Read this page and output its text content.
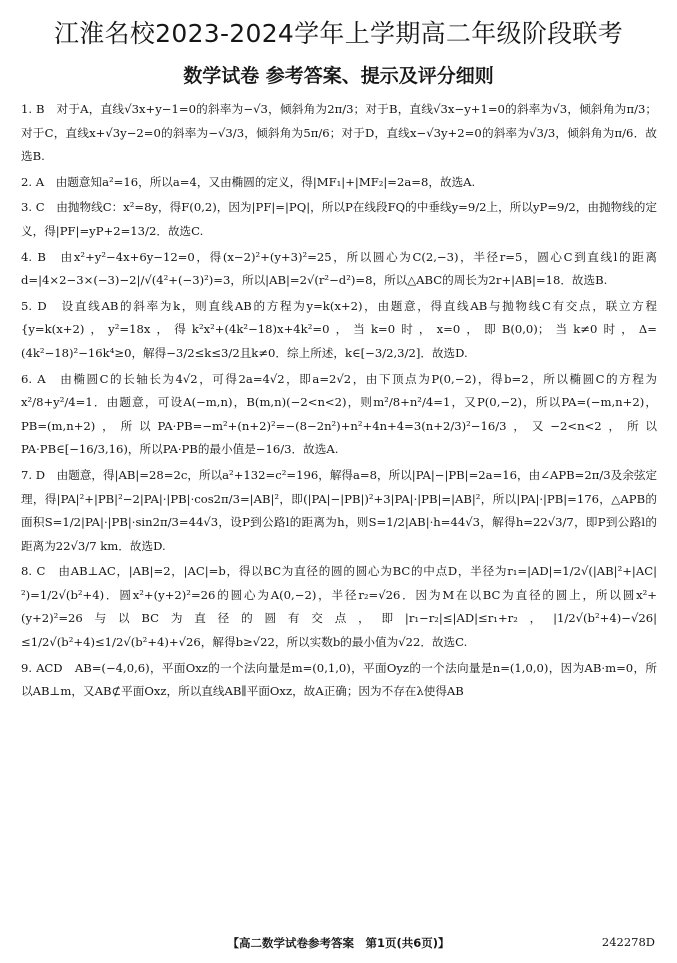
江淮名校2023-2024学年上学期高二年级阶段联考
数学试卷 参考答案、提示及评分细则

1. B　对于A，直线√3x+y−1=0的斜率为−√3，倾斜角为2π/3；对于B，直线√3x−y+1=0的斜率为√3，倾斜角为π/3；对于C，直线x+√3y−2=0的斜率为−√3/3，倾斜角为5π/6；对于D，直线x−√3y+2=0的斜率为√3/3，倾斜角为π/6．故选B.

2. A　由题意知a²=16，所以a=4，又由椭圆的定义，得|MF₁|+|MF₂|=2a=8，故选A.

3. C　由抛物线C：x²=8y，得F(0,2)，因为|PF|=|PQ|，所以P在线段FQ的中垂线y=9/2上，所以yP=9/2，由抛物线的定义，得|PF|=yP+2=13/2．故选C.

4. B　由x²+y²−4x+6y−12=0，得(x−2)²+(y+3)²=25，所以圆心为C(2,−3)，半径r=5，圆心C到直线l的距离d=|4×2−3×(−3)−2|/√(4²+(−3)²)=3，所以|AB|=2√(r²−d²)=8，所以△ABC的周长为2r+|AB|=18．故选B.

5. D　设直线AB的斜率为k，则直线AB的方程为y=k(x+2)，由题意，得直线AB与抛物线C有交点，联立方程{y=k(x+2)，y²=18x，得k²x²+(4k²−18)x+4k²=0，当k=0时，x=0，即B(0,0)；当k≠0时，Δ=(4k²−18)²−16k⁴≥0，解得−3/2≤k≤3/2且k≠0．综上所述，k∈[−3/2,3/2]．故选D.

6. A　由椭圆C的长轴长为4√2，可得2a=4√2，即a=2√2，由下顶点为P(0,−2)，得b=2，所以椭圆C的方程为x²/8+y²/4=1．由题意，可设A(−m,n)，B(m,n)(−2<n<2)，则m²/8+n²/4=1，又P(0,−2)，所以PA=(−m,n+2)，PB=(m,n+2)，所以PA·PB=−m²+(n+2)²=−(8−2n²)+n²+4n+4=3(n+2/3)²−16/3，又−2<n<2，所以PA·PB∈[−16/3,16)，所以PA·PB的最小值是−16/3．故选A.

7. D　由题意，得|AB|=28=2c，所以a²+132=c²=196，解得a=8，所以|PA|−|PB|=2a=16，由∠APB=2π/3及余弦定理，得|PA|²+|PB|²−2|PA|·|PB|·cos2π/3=|AB|²，即(|PA|−|PB|)²+3|PA|·|PB|=|AB|²，所以|PA|·|PB|=176，△APB的面积S=1/2|PA|·|PB|·sin2π/3=44√3，设P到公路l的距离为h，则S=1/2|AB|·h=44√3，解得h=22√3/7，即P到公路l的距离为22√3/7 km．故选D.

8. C　由AB⊥AC，|AB|=2，|AC|=b，得以BC为直径的圆的圆心为BC的中点D，半径为r₁=|AD|=1/2√(|AB|²+|AC|²)=1/2√(b²+4)．圆x²+(y+2)²=26的圆心为A(0,−2)，半径r₂=√26．因为M在以BC为直径的圆上，所以圆x²+(y+2)²=26与以BC为直径的圆有交点，即|r₁−r₂|≤|AD|≤r₁+r₂，|1/2√(b²+4)−√26|≤1/2√(b²+4)≤1/2√(b²+4)+√26，解得b≥√22，所以实数b的最小值为√22．故选C.

9. ACD　AB=(−4,0,6)，平面Oxz的一个法向量是m=(0,1,0)，平面Oyz的一个法向量是n=(1,0,0)，因为AB·m=0，所以AB⊥m，又AB⊄平面Oxz，所以直线AB∥平面Oxz，故A正确；因为不存在λ使得AB

【高二数学试卷参考答案　第1页(共6页)】	242278D
